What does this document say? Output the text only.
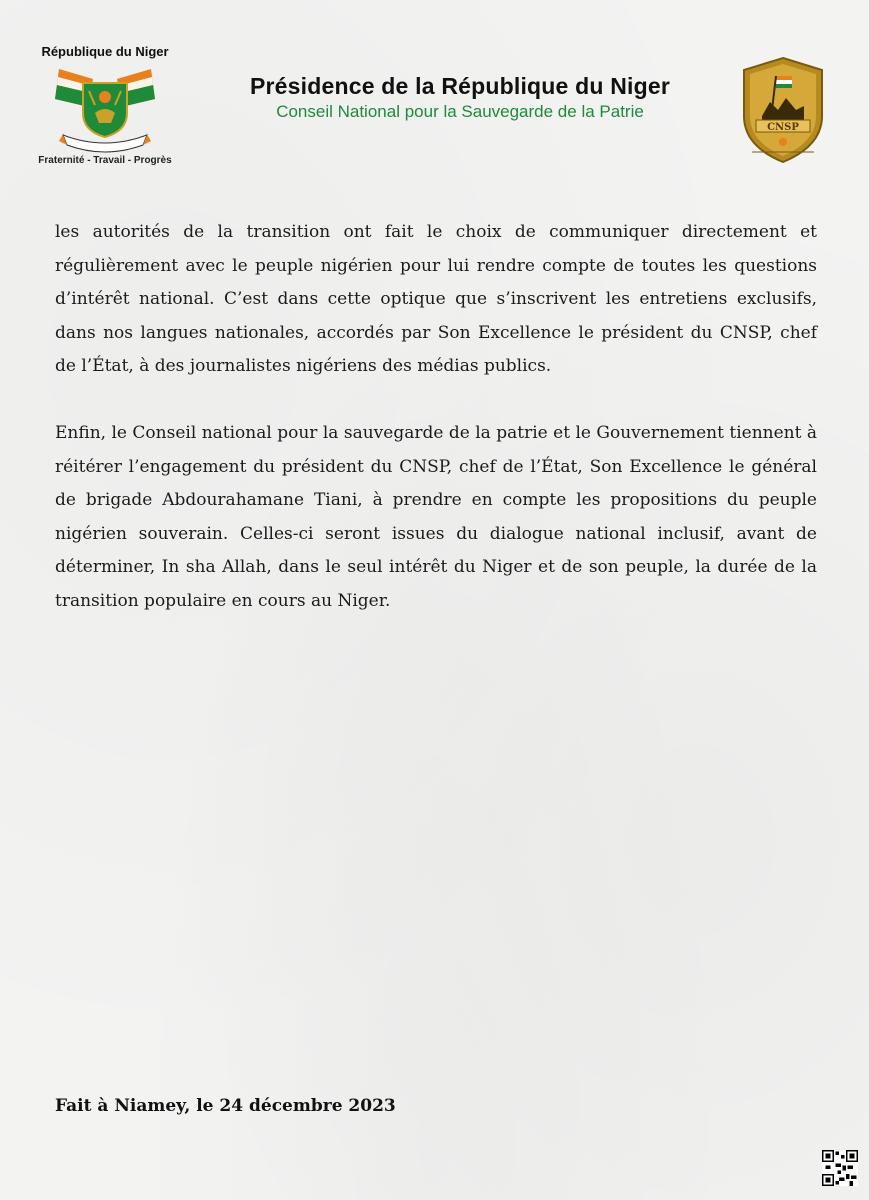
République du Niger
Fraternité - Travail - Progrès
Présidence de la République du Niger
Conseil National pour la Sauvegarde de la Patrie
CNSP

les autorités de la transition ont fait le choix de communiquer directement et régulièrement avec le peuple nigérien pour lui rendre compte de toutes les questions d’intérêt national. C’est dans cette optique que s’inscrivent les entretiens exclusifs, dans nos langues nationales, accordés par Son Excellence le président du CNSP, chef de l’État, à des journalistes nigériens des médias publics.

Enfin, le Conseil national pour la sauvegarde de la patrie et le Gouvernement tiennent à réitérer l’engagement du président du CNSP, chef de l’État, Son Excellence le général de brigade Abdourahamane Tiani, à prendre en compte les propositions du peuple nigérien souverain. Celles-ci seront issues du dialogue national inclusif, avant de déterminer, In sha Allah, dans le seul intérêt du Niger et de son peuple, la durée de la transition populaire en cours au Niger.

Fait à Niamey, le 24 décembre 2023
